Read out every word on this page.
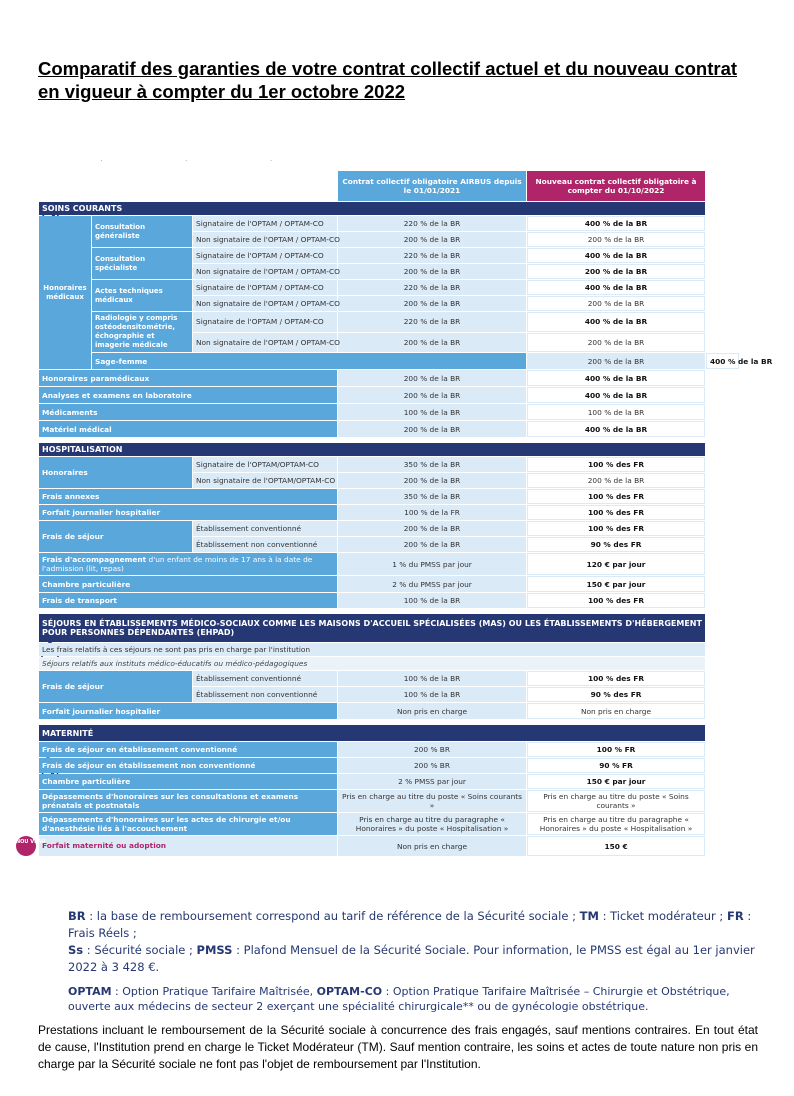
Comparatif des garanties de votre contrat collectif actuel et du nouveau contrat en vigueur à compter du 1er octobre 2022
· · ·
			Contrat collectif obligatoire AIRBUS depuis le 01/01/2021	Nouveau contrat collectif obligatoire à compter du 01/10/2022	
SOINS COURANTS					
Honoraires médicaux	Consultation généraliste	Signataire de l'OPTAM / OPTAM-CO	220 % de la BR	400 % de la BR	
		Non signataire de l'OPTAM / OPTAM-CO	200 % de la BR	200 % de la BR	
	Consultation spécialiste	Signataire de l'OPTAM / OPTAM-CO	220 % de la BR	400 % de la BR	
		Non signataire de l'OPTAM / OPTAM-CO	200 % de la BR	200 % de la BR	
	Actes techniques médicaux	Signataire de l'OPTAM / OPTAM-CO	220 % de la BR	400 % de la BR	
		Non signataire de l'OPTAM / OPTAM-CO	200 % de la BR	200 % de la BR	
	Radiologie y compris ostéodensitométrie, échographie et imagerie médicale	Signataire de l'OPTAM / OPTAM-CO	220 % de la BR	400 % de la BR	
		Non signataire de l'OPTAM / OPTAM-CO	200 % de la BR	200 % de la BR	
	Sage-femme			200 % de la BR	400 % de la BR
Honoraires paramédicaux			200 % de la BR	400 % de la BR	
Analyses et examens en laboratoire			200 % de la BR	400 % de la BR	
Médicaments			100 % de la BR	100 % de la BR	
Matériel médical			200 % de la BR	400 % de la BR	

HOSPITALISATION					
Honoraires		Signataire de l'OPTAM/OPTAM-CO	350 % de la BR	100 % des FR	
		Non signataire de l'OPTAM/OPTAM-CO	200 % de la BR	200 % de la BR	
Frais annexes			350 % de la BR	100 % des FR	
Forfait journalier hospitalier			100 % de la FR	100 % des FR	
Frais de séjour		Établissement conventionné	200 % de la BR	100 % des FR	
		Établissement non conventionné	200 % de la BR	90 % des FR	
Frais d'accompagnement d'un enfant de moins de 17 ans à la date de l'admission (lit, repas)			1 % du PMSS par jour	120 € par jour	
Chambre particulière			2 % du PMSS par jour	150 € par jour	
Frais de transport			100 % de la BR	100 % des FR	

SÉJOURS EN ÉTABLISSEMENTS MÉDICO-SOCIAUX COMME LES MAISONS D'ACCUEIL SPÉCIALISÉES (MAS) OU LES ÉTABLISSEMENTS D'HÉBERGEMENT POUR PERSONNES DÉPENDANTES (EHPAD)					
Les frais relatifs à ces séjours ne sont pas pris en charge par l'institution					
Séjours relatifs aux instituts médico-éducatifs ou médico-pédagogiques					
Frais de séjour		Établissement conventionné	100 % de la BR	100 % des FR	
		Établissement non conventionné	100 % de la BR	90 % des FR	
Forfait journalier hospitalier			Non pris en charge	Non pris en charge	

MATERNITÉ					
Frais de séjour en établissement conventionné			200 % BR	100 % FR	
Frais de séjour en établissement non conventionné			200 % BR	90 % FR	
Chambre particulière			2 % PMSS par jour	150 € par jour	
Dépassements d'honoraires sur les consultations et examens prénatals et postnatals			Pris en charge au titre du poste « Soins courants »	Pris en charge au titre du poste « Soins courants »	
Dépassements d'honoraires sur les actes de chirurgie et/ou d'anesthésie liés à l'accouchement			Pris en charge au titre du paragraphe « Honoraires » du poste « Hospitalisation »	Pris en charge au titre du paragraphe « Honoraires » du poste « Hospitalisation »	
NOU VEAUForfait maternité ou adoption			Non pris en charge	150 €	
BR : la base de remboursement correspond au tarif de référence de la Sécurité sociale ; TM : Ticket modérateur ; FR : Frais Réels ;
Ss : Sécurité sociale ; PMSS : Plafond Mensuel de la Sécurité Sociale. Pour information, le PMSS est égal au 1er janvier 2022 à 3 428 €.
OPTAM : Option Pratique Tarifaire Maîtrisée, OPTAM-CO : Option Pratique Tarifaire Maîtrisée – Chirurgie et Obstétrique, ouverte aux médecins de secteur 2 exerçant une spécialité chirurgicale** ou de gynécologie obstétrique.
Prestations incluant le remboursement de la Sécurité sociale à concurrence des frais engagés, sauf mentions contraires. En tout état de cause, l'Institution prend en charge le Ticket Modérateur (TM). Sauf mention contraire, les soins et actes de toute nature non pris en charge par la Sécurité sociale ne font pas l'objet de remboursement par l'Institution.
